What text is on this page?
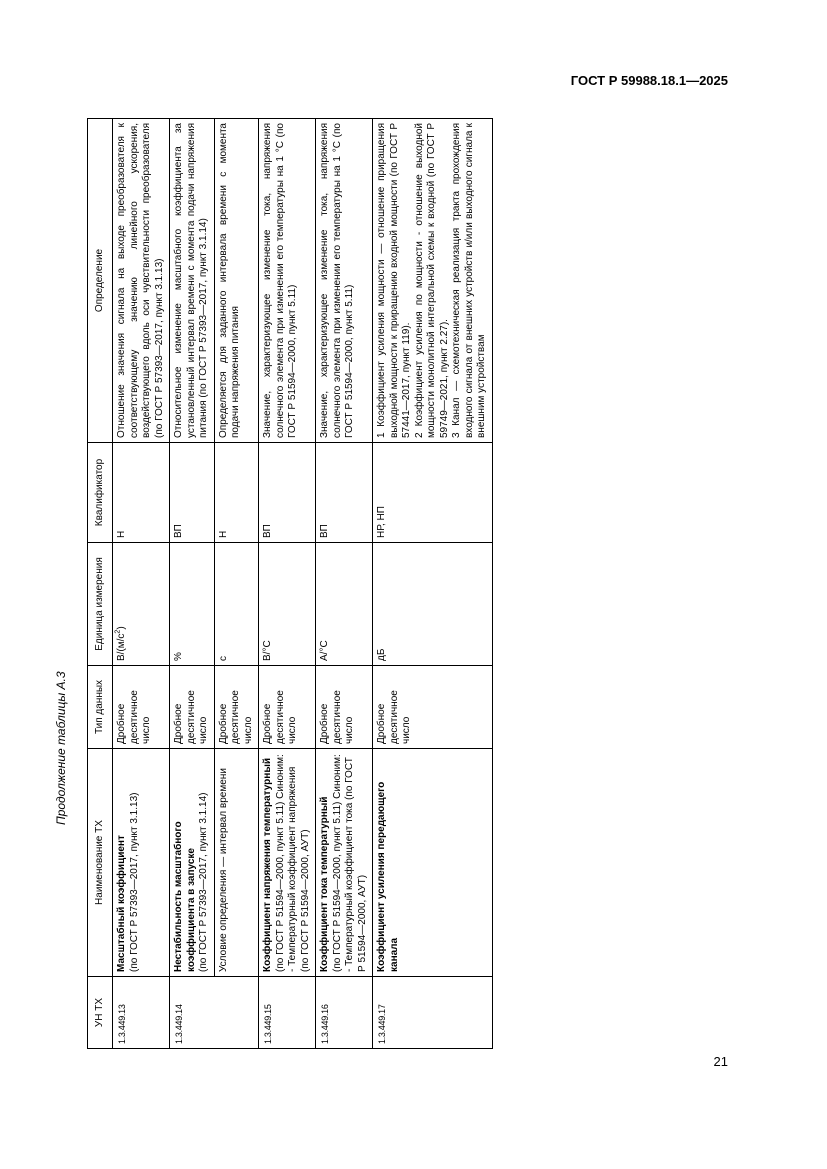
ГОСТ Р 59988.18.1—2025
Продолжение таблицы А.3
УН ТХ	Наименование ТХ	Тип данных	Единица измерения	Квалификатор	Определение
1.3.449.13	Масштабный коэффициент (по ГОСТ Р 57393—2017, пункт 3.1.13)	Дробное десятичное число	$В/(м/с^2)$	Н	Отношение значения сигнала на выходе преобразователя к соответствующему значению линейного ускорения, воздействующего вдоль оси чувствительности преобразователя (по ГОСТ Р 57393—2017, пункт 3.1.13)
1.3.449.14	Нестабильность масштабного коэффициента в запуске (по ГОСТ Р 57393—2017, пункт 3.1.14)	Дробное десятичное число	%	ВП	Относительное изменение масштабного коэффициента за установленный интервал времени с момента подачи напряжения питания (по ГОСТ Р 57393—2017, пункт 3.1.14)
	Условие определения — интервал времени	Дробное десятичное число	с	Н	Определяется для заданного интервала времени с момента подачи напряжения питания
1.3.449.15	Коэффициент напряжения температурный (по ГОСТ Р 51594—2000, пункт 5.11) Синоним: - Температурный коэффициент напряжения (по ГОСТ Р 51594—2000, АУТ)	Дробное десятичное число	В/°С	ВП	Значение, характеризующее изменение тока, напряжения солнечного элемента при изменении его температуры на 1 °С (по ГОСТ Р 51594—2000, пункт 5.11)
1.3.449.16	Коэффициент тока температурный (по ГОСТ Р 51594—2000, пункт 5.11) Синоним: - Температурный коэффициент тока (по ГОСТ Р 51594—2000, АУТ)	Дробное десятичное число	А/°С	ВП	Значение, характеризующее изменение тока, напряжения солнечного элемента при изменении его температуры на 1 °С (по ГОСТ Р 51594—2000, пункт 5.11)
1.3.449.17	Коэффициент усиления передающего канала	Дробное десятичное число	дБ	НР, НП	1 Коэффициент усиления мощности — отношение приращения выходной мощности к приращению входной мощности (по ГОСТ Р 57441—2017, пункт 119). 2 Коэффициент усиления по мощности - отношение выходной мощности монолитной интегральной схемы к входной (по ГОСТ Р 59749—2021, пункт 2.27). 3 Канал — схемотехническая реализация тракта прохождения входного сигнала от внешних устройств и/или выходного сигнала к внешним устройствам
21
